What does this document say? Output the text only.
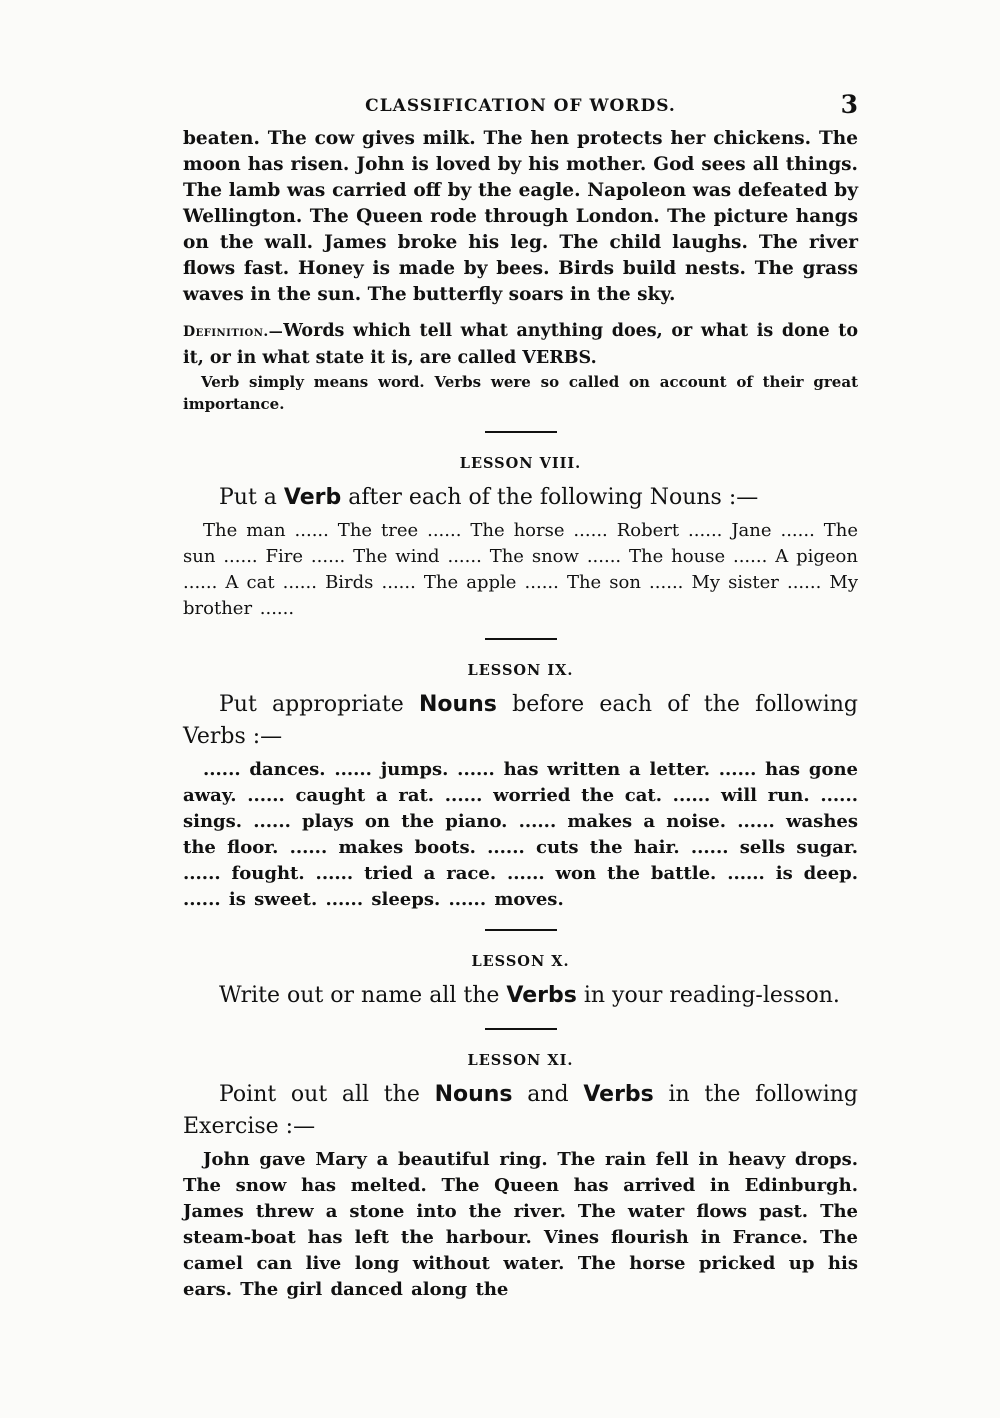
CLASSIFICATION OF WORDS.	3

beaten. The cow gives milk. The hen protects her chickens. The moon has risen. John is loved by his mother. God sees all things. The lamb was carried off by the eagle. Napoleon was defeated by Wellington. The Queen rode through London. The picture hangs on the wall. James broke his leg. The child laughs. The river flows fast. Honey is made by bees. Birds build nests. The grass waves in the sun. The butterfly soars in the sky.

Definition.—Words which tell what anything does, or what is done to it, or in what state it is, are called VERBS.

Verb simply means word. Verbs were so called on account of their great importance.

LESSON VIII.

Put a Verb after each of the following Nouns :—

The man ...... The tree ...... The horse ...... Robert ...... Jane ...... The sun ...... Fire ...... The wind ...... The snow ...... The house ...... A pigeon ...... A cat ...... Birds ...... The apple ...... The son ...... My sister ...... My brother ......

LESSON IX.

Put appropriate Nouns before each of the following Verbs :—

...... dances. ...... jumps. ...... has written a letter. ...... has gone away. ...... caught a rat. ...... worried the cat. ...... will run. ...... sings. ...... plays on the piano. ...... makes a noise. ...... washes the floor. ...... makes boots. ...... cuts the hair. ...... sells sugar. ...... fought. ...... tried a race. ...... won the battle. ...... is deep. ...... is sweet. ...... sleeps. ...... moves.

LESSON X.

Write out or name all the Verbs in your reading-lesson.

LESSON XI.

Point out all the Nouns and Verbs in the following Exercise :—

John gave Mary a beautiful ring. The rain fell in heavy drops. The snow has melted. The Queen has arrived in Edinburgh. James threw a stone into the river. The water flows past. The steam-boat has left the harbour. Vines flourish in France. The camel can live long without water. The horse pricked up his ears. The girl danced along the
